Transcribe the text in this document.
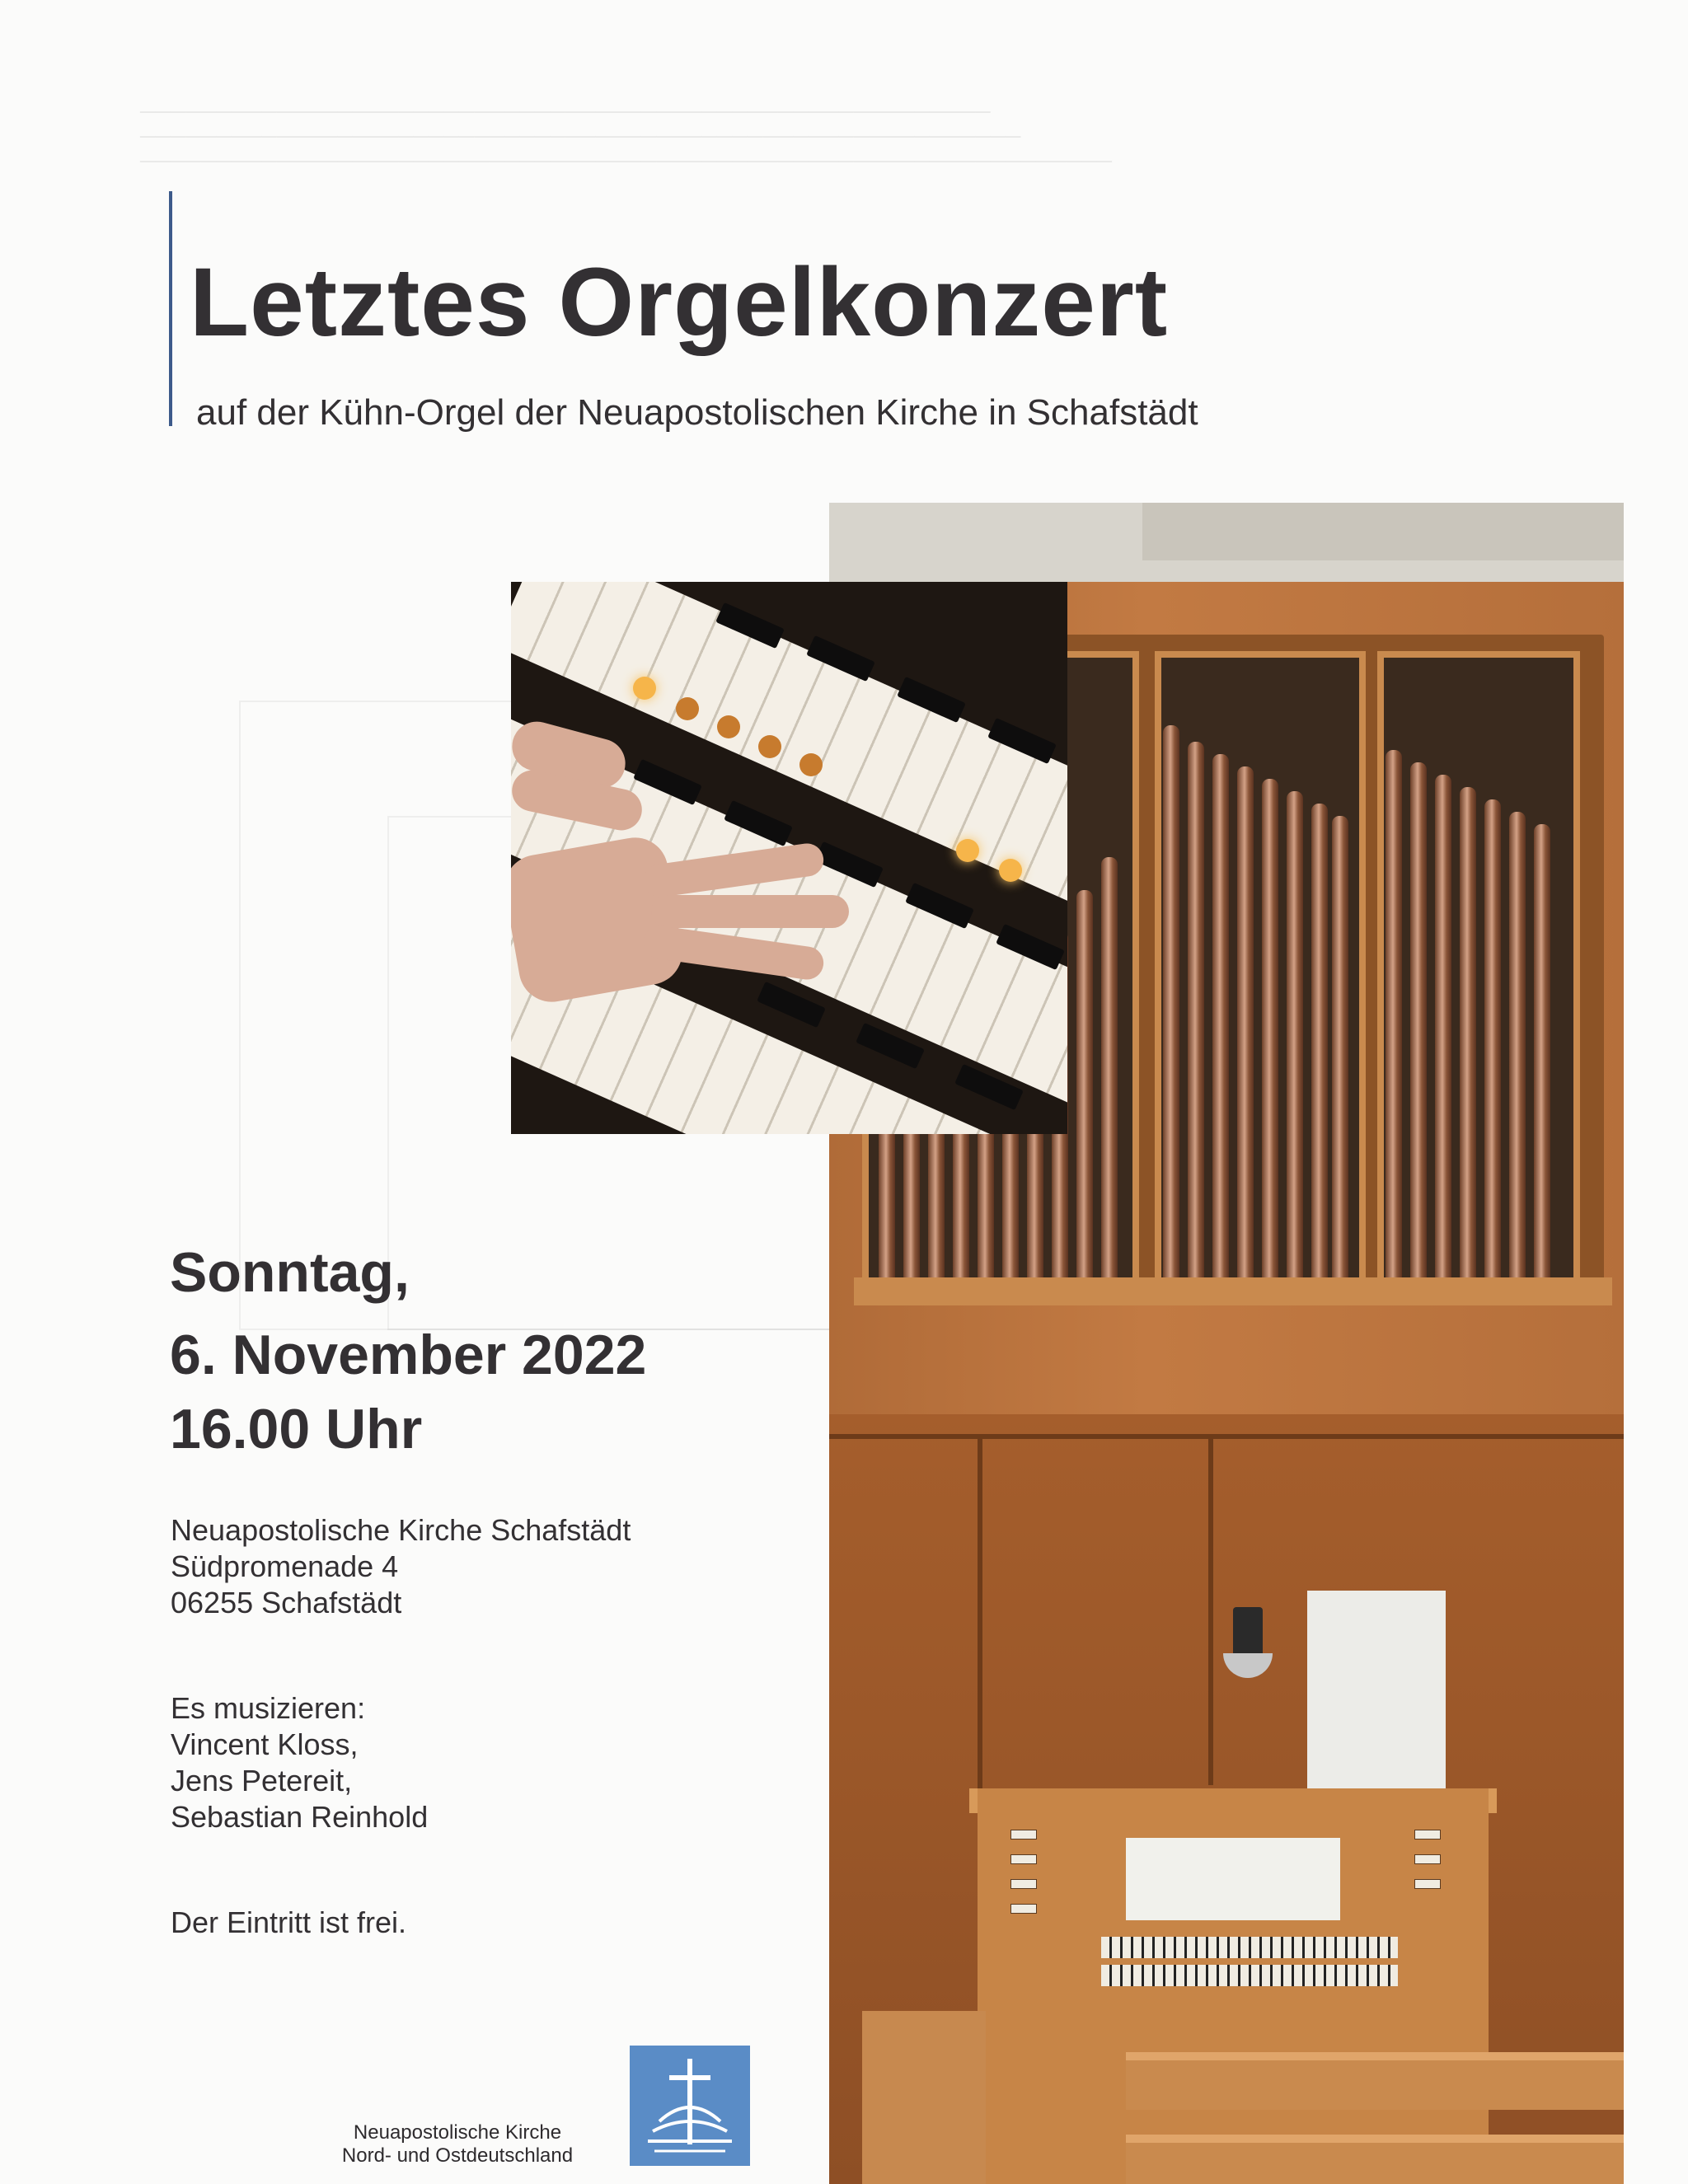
────────────────────────────────────────────────────────
──────────────────────────────────────────────────────────
────────────────────────────────────────────────────────────────
Letztes Orgelkonzert

auf der Kühn-Orgel der Neuapostolischen Kirche in Schafstädt

Sonntag,

6. November 2022

16.00 Uhr

Neuapostolische Kirche Schafstädt

Südpromenade 4

06255 Schafstädt

Es musizieren:

Vincent Kloss,

Jens Petereit,

Sebastian Reinhold

Der Eintritt ist frei.

Neuapostolische Kirche
Nord- und Ostdeutschland
